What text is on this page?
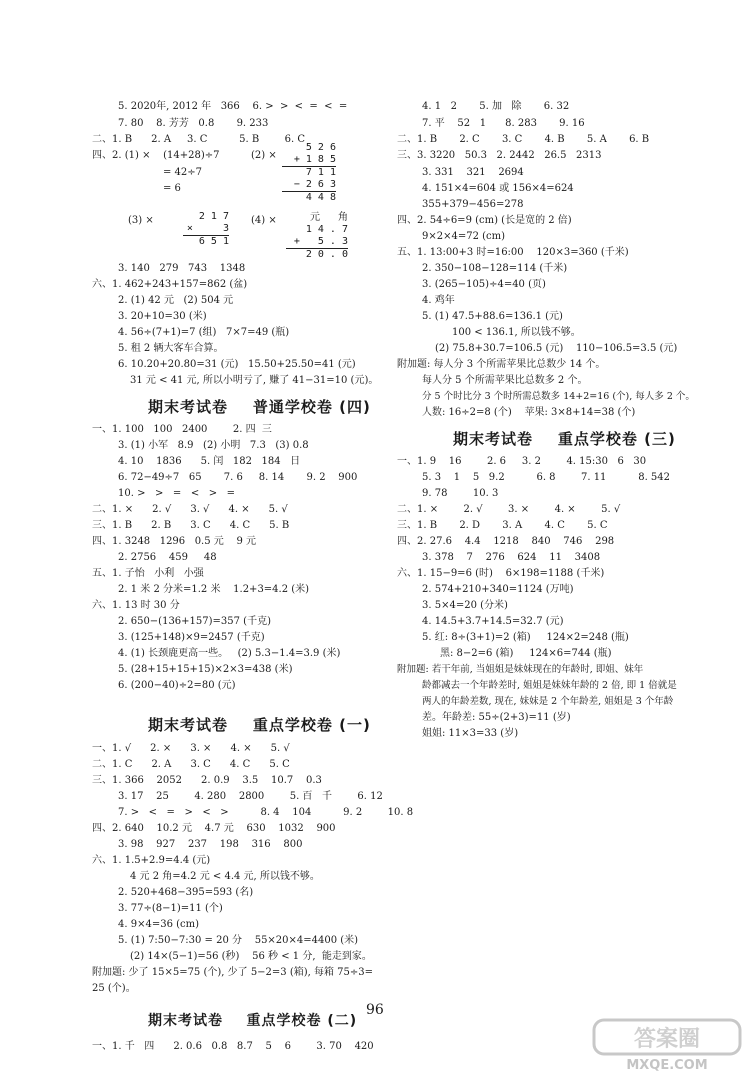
5. 2020年, 2012 年   366    6. >  >  <  =  <  =
7. 80    8. 芳芳   0.8       9. 233
二、1. B      2. A     3. C          5. B        6. C
四、2. (1) ×    (14+28)÷7
= 42÷7
= 6
(2) ×
5 2 6
+ 1 8 5
7 1 1
− 2 6 3
4 4 8
(3) ×	2 1 7
×     3
6 5 1
(4) ×	元   角
1 4 . 7
+   5 . 3
2 0 . 0
3. 140   279   743    1348
六、1. 462+243+157=862 (盆)
2. (1) 42 元   (2) 504 元
3. 20+10=30 (米)
4. 56÷(7+1)=7 (组)   7×7=49 (瓶)
5. 租 2 辆大客车合算。
6. 10.20+20.80=31 (元)   15.50+25.50=41 (元)
31 元 < 41 元, 所以小明亏了, 赚了 41−31=10 (元)。
期末考试卷    普通学校卷 (四)
一、1. 100   100   2400        2. 四  三
3. (1) 小军   8.9   (2) 小明   7.3   (3) 0.8
4. 10    1836      5. 闰   182   184   日
6. 72−49÷7   65       7. 6     8. 14       9. 2    900
10. >   >   =   <   >   =
二、1. ×      2. √      3. √      4. ×      5. √
三、1. B      2. B      3. C      4. C      5. B
四、1. 3248   1296   0.5 元    9 元
2. 2756    459     48
五、1. 子怡   小利   小强
2. 1 米 2 分米=1.2 米    1.2+3=4.2 (米)
六、1. 13 时 30 分
2. 650−(136+157)=357 (千克)
3. (125+148)×9=2457 (千克)
4. (1) 长颈鹿更高一些。   (2) 5.3−1.4=3.9 (米)
5. (28+15+15+15)×2×3=438 (米)
6. (200−40)÷2=80 (元)
期末考试卷    重点学校卷 (一)
一、1. √      2. ×      3. ×      4. ×      5. √
二、1. C      2. A      3. C      4. C      5. C
三、1. 366    2052      2. 0.9    3.5    10.7    0.3
3. 17    25        4. 280    2800        5. 百   千        6. 12
7. >   <   =   >   <   >          8. 4    104          9. 2        10. 8
四、2. 640    10.2 元    4.7 元    630    1032    900
3. 98    927    237    198    316    800
六、1. 1.5+2.9=4.4 (元)
4 元 2 角=4.2 元 < 4.4 元, 所以钱不够。
2. 520+468−395=593 (名)
3. 77÷(8−1)=11 (个)
4. 9×4=36 (cm)
5. (1) 7:50−7:30 = 20 分    55×20×4=4400 (米)
(2) 14×(5−1)=56 (秒)    56 秒 < 1 分,  能走到家。
附加题: 少了 15×5=75 (个), 少了 5−2=3 (箱), 每箱 75÷3=
25 (个)。
期末考试卷    重点学校卷 (二)
一、1. 千   四      2. 0.6   0.8   8.7    5    6        3. 70    420
4. 1   2       5. 加   除       6. 32
7. 平    52   1      8. 283       9. 16
二、1. B       2. C       3. C       4. B       5. A       6. B
三、3. 3220   50.3   2. 2442   26.5   2313
3. 331    321    2694
4. 151×4=604 或 156×4=624
355+379−456=278
四、2. 54÷6=9 (cm) (长是宽的 2 倍)
9×2×4=72 (cm)
五、1. 13:00+3 时=16:00    120×3=360 (千米)
2. 350−108−128=114 (千米)
3. (265−105)÷4=40 (页)
4. 鸡年
5. (1) 47.5+88.6=136.1 (元)
100 < 136.1, 所以钱不够。
(2) 75.8+30.7=106.5 (元)    110−106.5=3.5 (元)
附加题: 每人分 3 个所需苹果比总数少 14 个。
每人分 5 个所需苹果比总数多 2 个。
分 5 个时比分 3 个时所需总数多 14+2=16 (个), 每人多 2 个。
人数: 16÷2=8 (个)    苹果: 3×8+14=38 (个)
期末考试卷    重点学校卷 (三)
一、1. 9    16        2. 6     3. 2        4. 15:30   6   30
5. 3    1    5   9.2          6. 8        7. 11          8. 542
9. 78        10. 3
二、1. ×        2. √        3. ×        4. ×        5. √
三、1. B       2. D       3. A       4. C       5. C
四、2. 27.6    4.4    1218    840    746    298
3. 378    7    276    624    11    3408
六、1. 15−9=6 (时)    6×198=1188 (千米)
2. 574+210+340=1124 (万吨)
3. 5×4=20 (分米)
4. 14.5+3.7+14.5=32.7 (元)
5. 红: 8÷(3+1)=2 (箱)     124×2=248 (瓶)
黑: 8−2=6 (箱)     124×6=744 (瓶)
附加题: 若干年前, 当姐姐是妹妹现在的年龄时, 即姐、妹年
龄都减去一个年龄差时, 姐姐是妹妹年龄的 2 倍, 即 1 倍就是
两人的年龄差数, 现在, 妹妹是 2 个年龄差, 姐姐是 3 个年龄
差。年龄差: 55÷(2+3)=11 (岁)
姐姐: 11×3=33 (岁)
96
答案圈
MXQE.COM
